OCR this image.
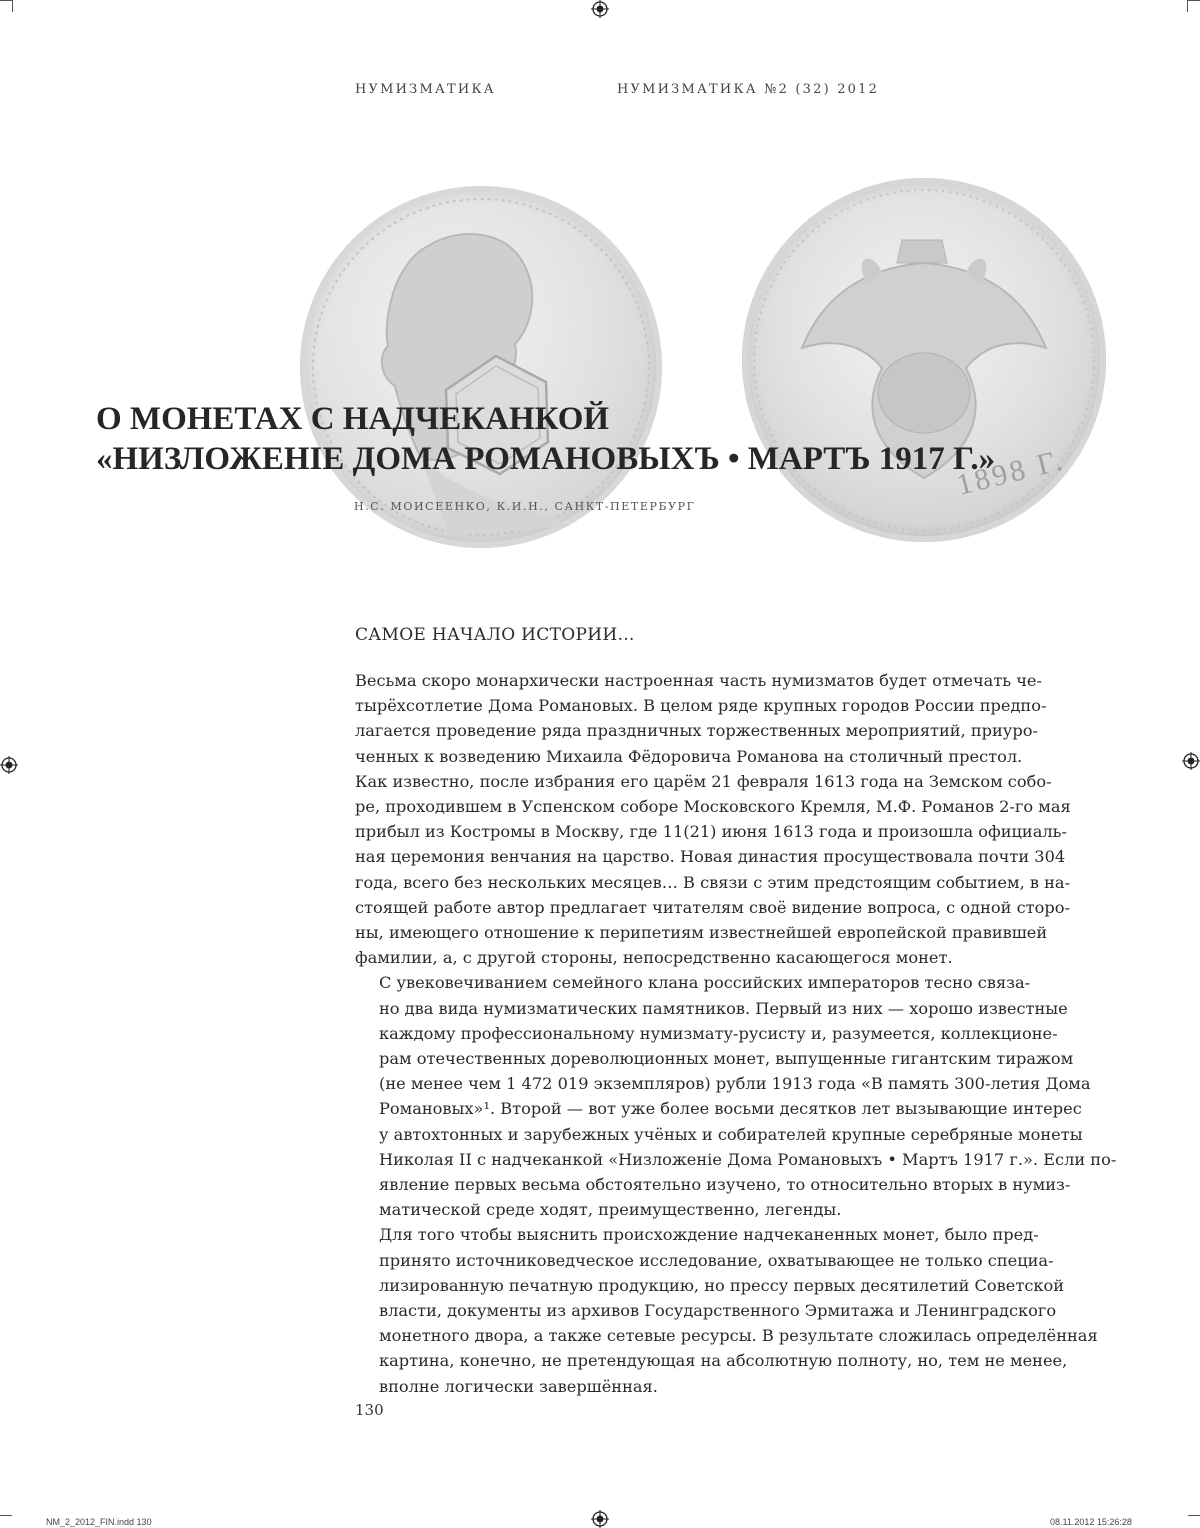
НУМИЗМАТИКА	НУМИЗМАТИКА №2 (32) 2012
1898 Г.
О МОНЕТАХ С НАДЧЕКАНКОЙ
«НИЗЛОЖЕНIЕ ДОМА РОМАНОВЫХЪ • МАРТЪ 1917 Г.»
Н.С. МОИСЕЕНКО, К.И.Н., САНКТ-ПЕТЕРБУРГ
САМОЕ НАЧАЛО ИСТОРИИ…

Весьма скоро монархически настроенная часть нумизматов будет отмечать че-
тырёхсотлетие Дома Романовых. В целом ряде крупных городов России предпо-
лагается проведение ряда праздничных торжественных мероприятий, приуро-
ченных к возведению Михаила Фёдоровича Романова на столичный престол.
Как известно, после избрания его царём 21 февраля 1613 года на Земском собо-
ре, проходившем в Успенском соборе Московского Кремля, М.Ф. Романов 2-го мая
прибыл из Костромы в Москву, где 11(21) июня 1613 года и произошла официаль-
ная церемония венчания на царство. Новая династия просуществовала почти 304
года, всего без нескольких месяцев… В связи с этим предстоящим событием, в на-
стоящей работе автор предлагает читателям своё видение вопроса, с одной сторо-
ны, имеющего отношение к перипетиям известнейшей европейской правившей
фамилии, а, с другой стороны, непосредственно касающегося монет.

С увековечиванием семейного клана российских императоров тесно связа-
но два вида нумизматических памятников. Первый из них — хорошо известные
каждому профессиональному нумизмату-русисту и, разумеется, коллекционе-
рам отечественных дореволюционных монет, выпущенные гигантским тиражом
(не менее чем 1 472 019 экземпляров) рубли 1913 года «В память 300-летия Дома
Романовых»¹. Второй — вот уже более восьми десятков лет вызывающие интерес
у автохтонных и зарубежных учёных и собирателей крупные серебряные монеты
Николая II с надчеканкой «Низложенiе Дома Романовыхъ • Мартъ 1917 г.». Если по-
явление первых весьма обстоятельно изучено, то относительно вторых в нумиз-
матической среде ходят, преимущественно, легенды.

Для того чтобы выяснить происхождение надчеканенных монет, было пред-
принято источниковедческое исследование, охватывающее не только специа-
лизированную печатную продукцию, но прессу первых десятилетий Советской
власти, документы из архивов Государственного Эрмитажа и Ленинградского
монетного двора, а также сетевые ресурсы. В результате сложилась определённая
картина, конечно, не претендующая на абсолютную полноту, но, тем не менее,
вполне логически завершённая.

130
NM_2_2012_FIN.indd 130	08.11.2012 15:26:28
